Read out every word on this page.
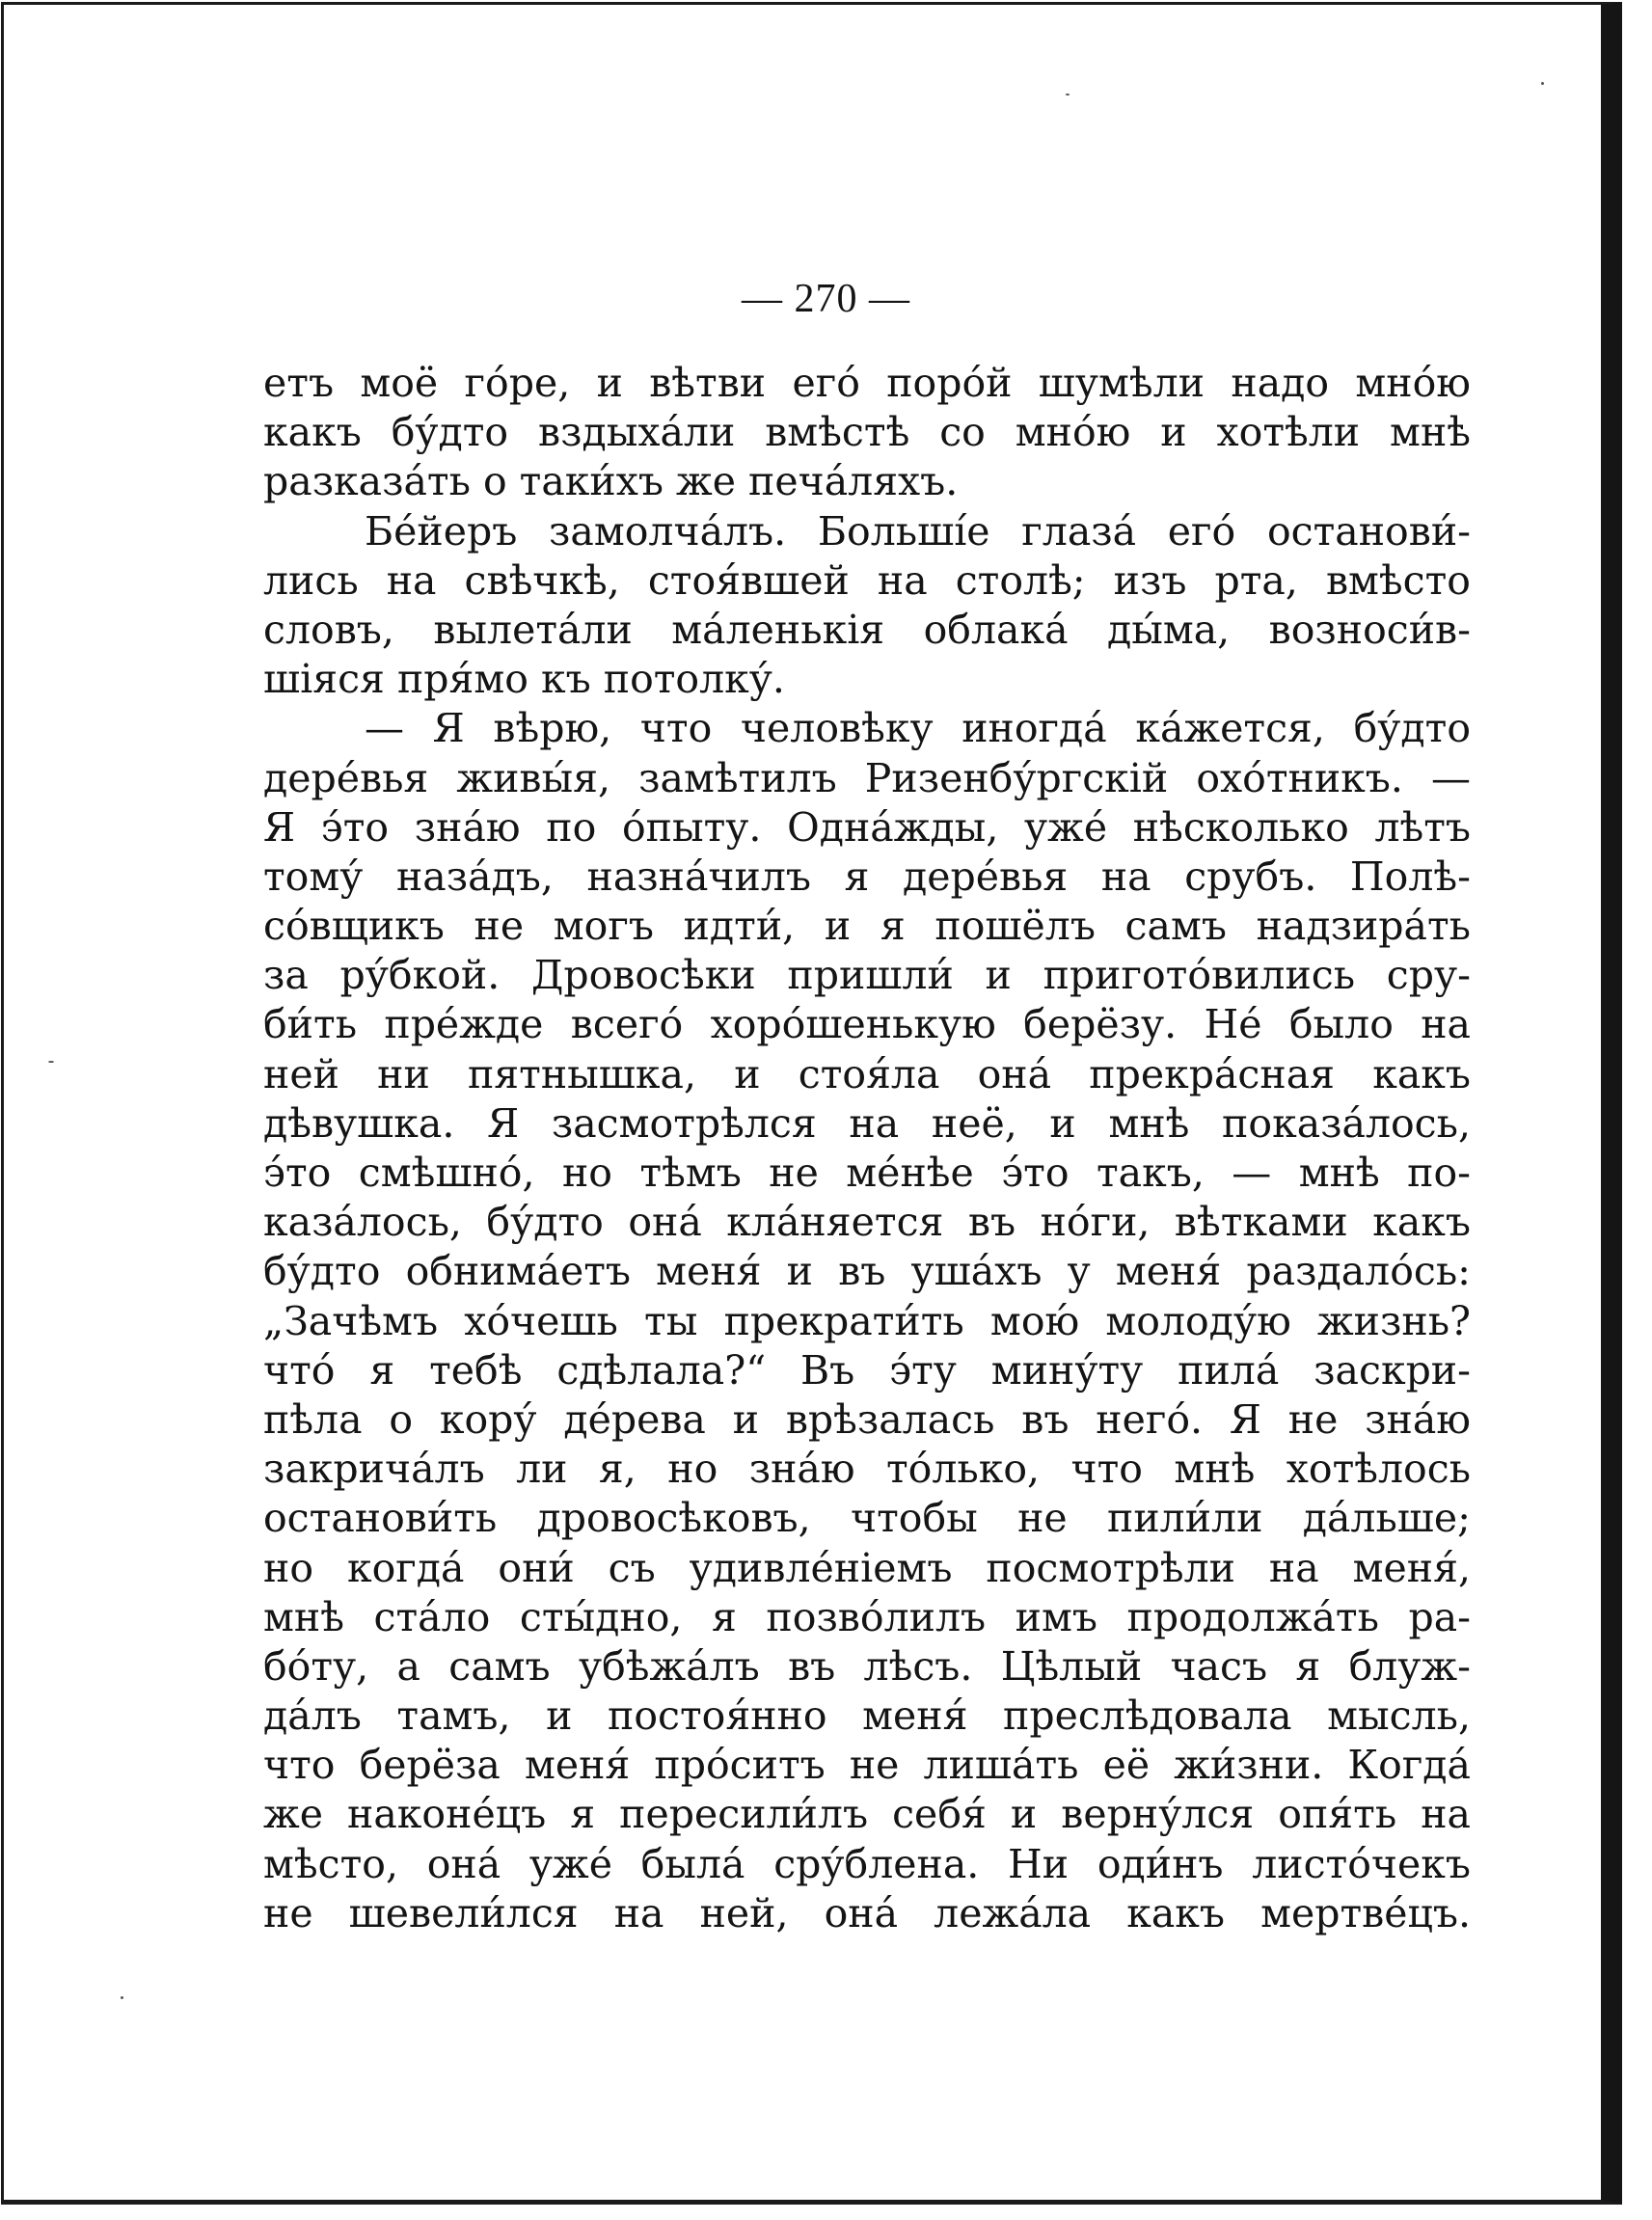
— 270 —
етъ моё го́ре, и вѣтви его́ поро́й шумѣли надо мно́ю
какъ бу́дто вздыха́ли вмѣстѣ со мно́ю и хотѣли мнѣ
разказа́ть о таки́хъ же печа́ляхъ.
Бе́йеръ замолча́лъ. Больші́е глаза́ его́ останови́-
лись на свѣчкѣ, стоя́вшей на столѣ; изъ рта, вмѣсто
словъ, вылета́ли ма́ленькія облака́ ды́ма, возноси́в-
шіяся пря́мо къ потолку́.
— Я вѣрю, что человѣку иногда́ ка́жется, бу́дто
дере́вья живы́я, замѣтилъ Ризенбу́ргскій охо́тникъ. —
Я э́то зна́ю по о́пыту. Одна́жды, уже́ нѣсколько лѣтъ
тому́ наза́дъ, назна́чилъ я дере́вья на срубъ. Полѣ-
со́вщикъ не могъ идти́, и я пошёлъ самъ надзира́ть
за ру́бкой. Дровосѣки пришли́ и пригото́вились сру-
би́ть пре́жде всего́ хоро́шенькую берёзу. Не́ было на
ней ни пятнышка, и стоя́ла она́ прекра́сная какъ
дѣвушка. Я засмотрѣлся на неё, и мнѣ показа́лось,
э́то смѣшно́, но тѣмъ не ме́нѣе э́то такъ, — мнѣ по-
каза́лось, бу́дто она́ кла́няется въ но́ги, вѣтками какъ
бу́дто обнима́етъ меня́ и въ уша́хъ у меня́ раздало́сь:
„Зачѣмъ хо́чешь ты прекрати́ть мою́ молоду́ю жизнь?
что́ я тебѣ сдѣлала?“ Въ э́ту мину́ту пила́ заскри-
пѣла о кору́ де́рева и врѣзалась въ него́. Я не зна́ю
закрича́лъ ли я, но зна́ю то́лько, что мнѣ хотѣлось
останови́ть дровосѣковъ, чтобы не пили́ли да́льше;
но когда́ они́ съ удивле́ніемъ посмотрѣли на меня́,
мнѣ ста́ло сты́дно, я позво́лилъ имъ продолжа́ть ра-
бо́ту, а самъ убѣжа́лъ въ лѣсъ. Цѣлый часъ я блуж-
да́лъ тамъ, и постоя́нно меня́ преслѣдовала мысль,
что берёза меня́ про́ситъ не лиша́ть её жи́зни. Когда́
же наконе́цъ я пересили́лъ себя́ и верну́лся опя́ть на
мѣсто, она́ уже́ была́ сру́блена. Ни оди́нъ листо́чекъ
не шевели́лся на ней, она́ лежа́ла какъ мертве́цъ.
